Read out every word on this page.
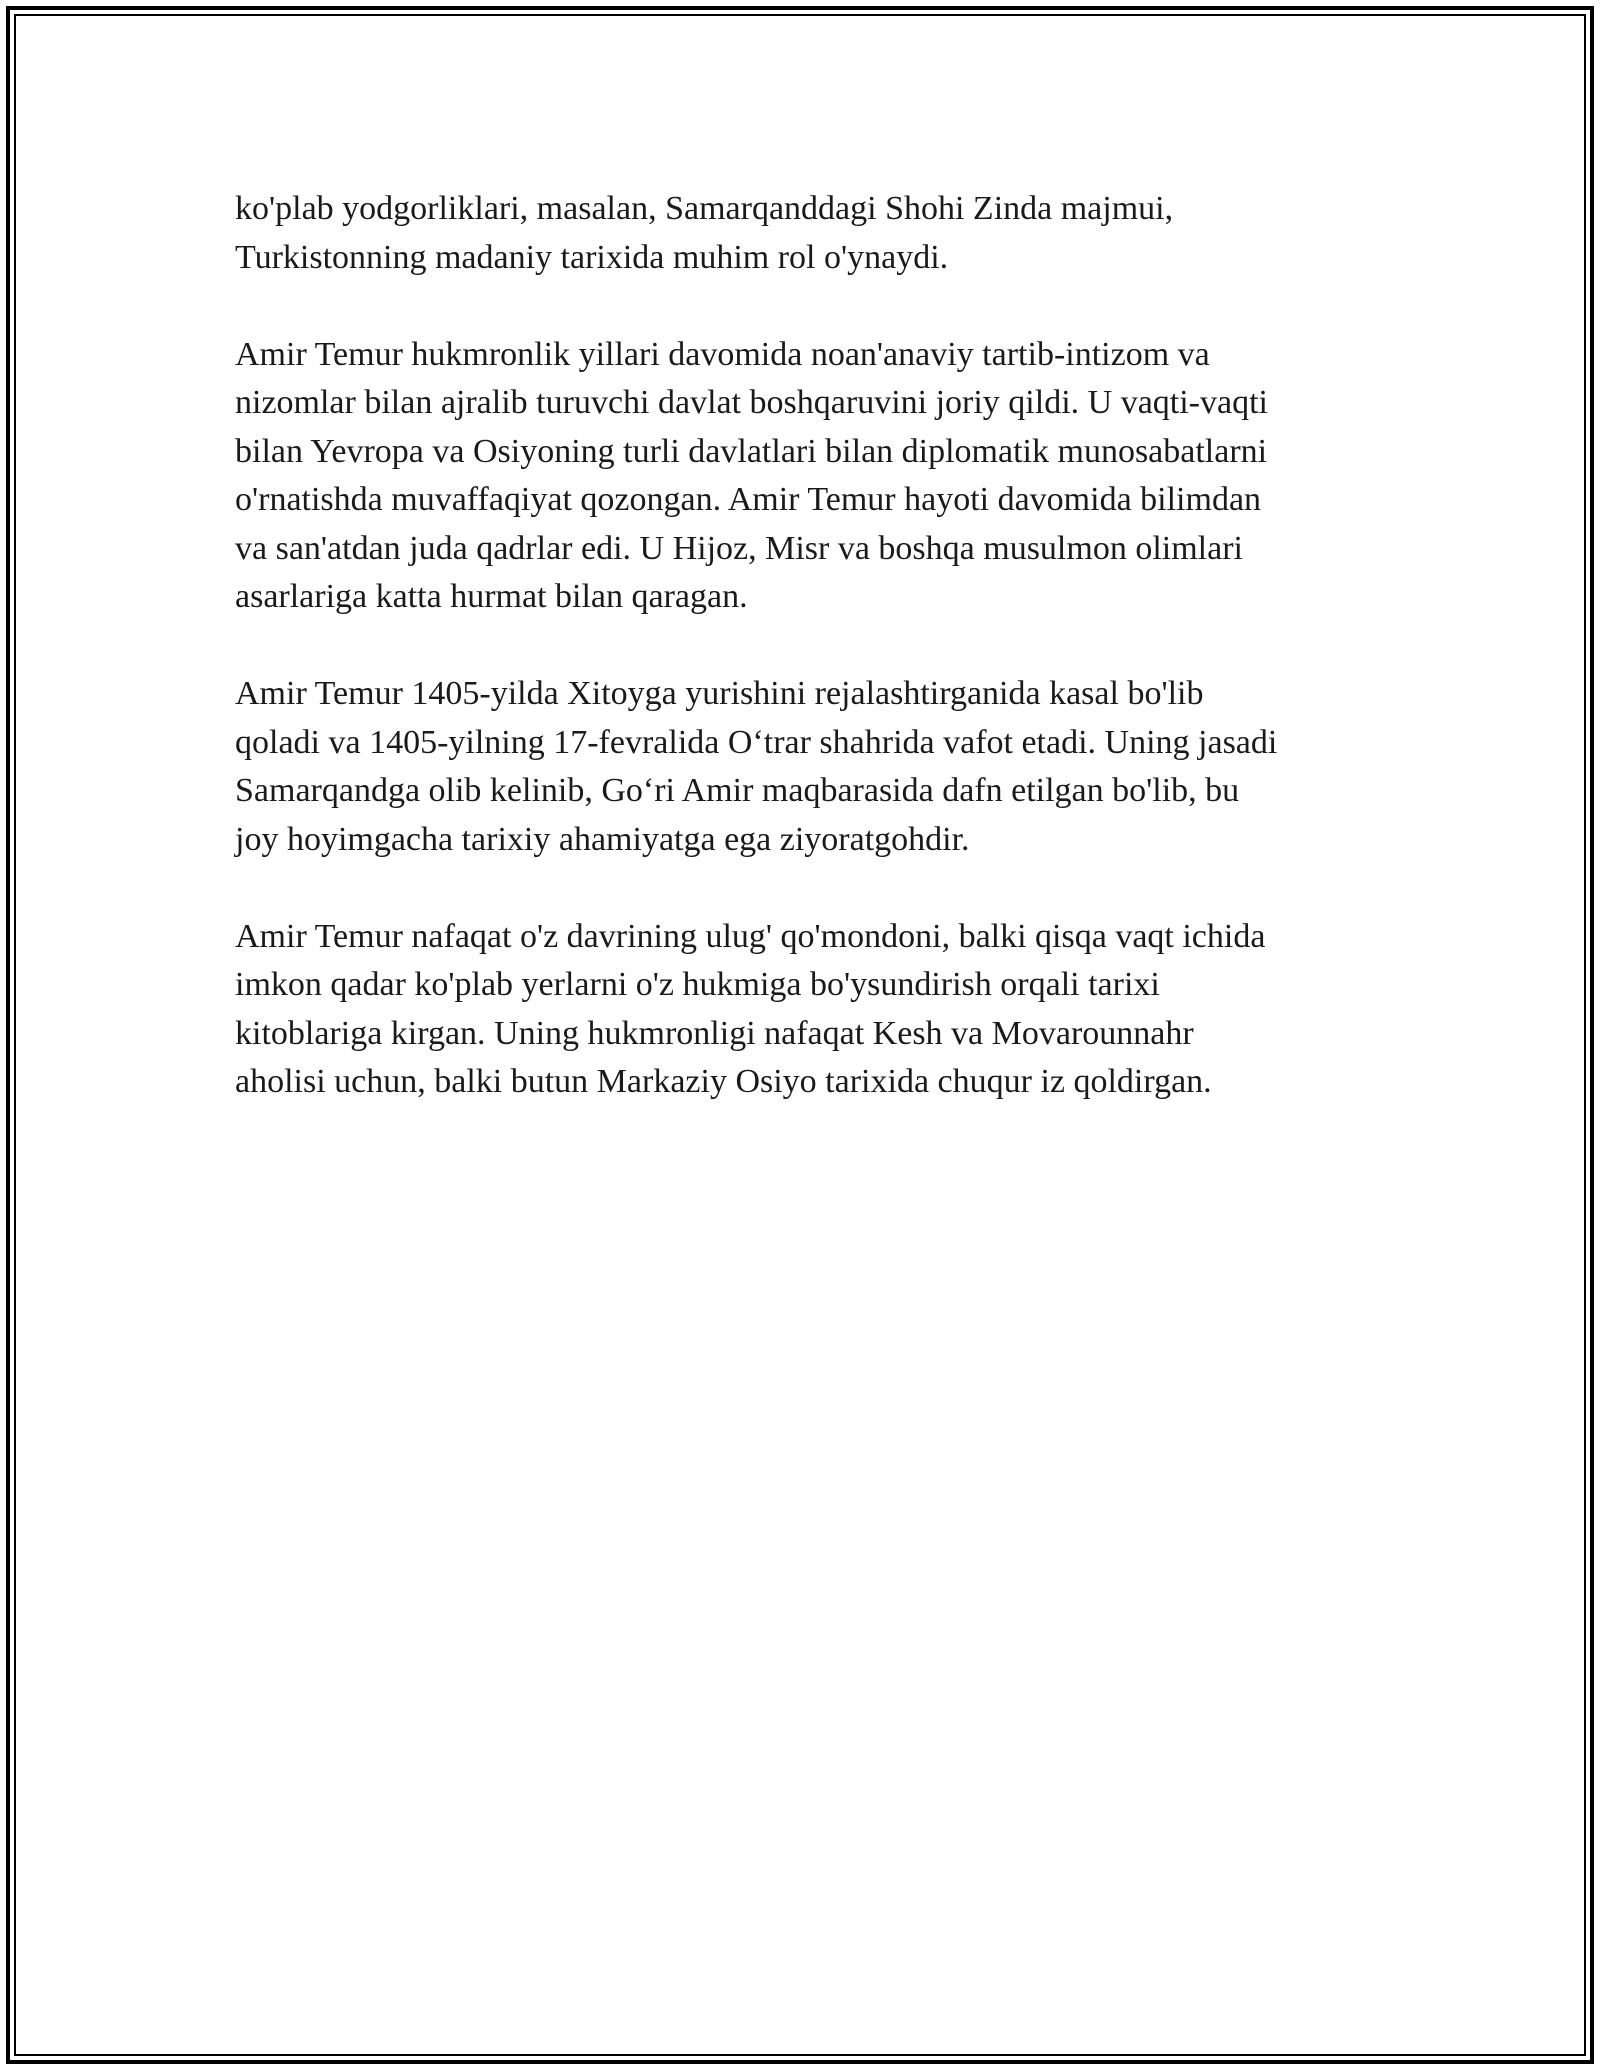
ko'plab yodgorliklari, masalan, Samarqanddagi Shohi Zinda majmui,
Turkistonning madaniy tarixida muhim rol o'ynaydi.

Amir Temur hukmronlik yillari davomida noan'anaviy tartib-intizom va
nizomlar bilan ajralib turuvchi davlat boshqaruvini joriy qildi. U vaqti-vaqti
bilan Yevropa va Osiyoning turli davlatlari bilan diplomatik munosabatlarni
o'rnatishda muvaffaqiyat qozongan. Amir Temur hayoti davomida bilimdan
va san'atdan juda qadrlar edi. U Hijoz, Misr va boshqa musulmon olimlari
asarlariga katta hurmat bilan qaragan.

Amir Temur 1405-yilda Xitoyga yurishini rejalashtirganida kasal bo'lib
qoladi va 1405-yilning 17-fevralida O‘trar shahrida vafot etadi. Uning jasadi
Samarqandga olib kelinib, Go‘ri Amir maqbarasida dafn etilgan bo'lib, bu
joy hoyimgacha tarixiy ahamiyatga ega ziyoratgohdir.

Amir Temur nafaqat o'z davrining ulug' qo'mondoni, balki qisqa vaqt ichida
imkon qadar ko'plab yerlarni o'z hukmiga bo'ysundirish orqali tarixi
kitoblariga kirgan. Uning hukmronligi nafaqat Kesh va Movarounnahr
aholisi uchun, balki butun Markaziy Osiyo tarixida chuqur iz qoldirgan.
